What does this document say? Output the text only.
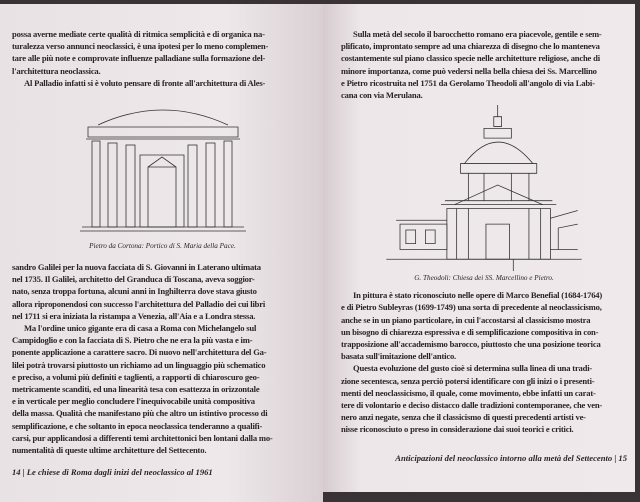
possa averne mediate certe qualità di ritmica semplicità e di organica na-

turalezza verso annunci neoclassici, è una ipotesi per lo meno complemen-

tare alle più note e comprovate influenze palladiane sulla formazione del-

l'architettura neoclassica.

Al Palladio infatti si è voluto pensare di fronte all'architettura di Ales-

Pietro da Cortona: Portico di S. Maria della Pace.

sandro Galilei per la nuova facciata di S. Giovanni in Laterano ultimata

nel 1735. Il Galilei, architetto del Granduca di Toscana, aveva soggior-

nato, senza troppa fortuna, alcuni anni in Inghilterra dove stava giusto

allora riproponendosi con successo l'architettura del Palladio dei cui libri

nel 1711 si era iniziata la ristampa a Venezia, all'Aia e a Londra stessa.

Ma l'ordine unico gigante era di casa a Roma con Michelangelo sul

Campidoglio e con la facciata di S. Pietro che ne era la più vasta e im-

ponente applicazione a carattere sacro. Di nuovo nell'architettura del Ga-

lilei potrà trovarsi piuttosto un richiamo ad un linguaggio più schematico

e preciso, a volumi più definiti e taglienti, a rapporti di chiaroscuro geo-

metricamente scanditi, ed una linearità tesa con esattezza in orizzontale

e in verticale per meglio concludere l'inequivocabile unità compositiva

della massa. Qualità che manifestano più che altro un istintivo processo di

semplificazione, e che soltanto in epoca neoclassica tenderanno a qualifi-

carsi, pur applicandosi a differenti temi architettonici ben lontani dalla mo-

numentalità di queste ultime architetture del Settecento.

14 | Le chiese di Roma dagli inizi del neoclassico al 1961

Sulla metà del secolo il barocchetto romano era piacevole, gentile e sem-

plificato, improntato sempre ad una chiarezza di disegno che lo manteneva

costantemente sul piano classico specie nelle architetture religiose, anche di

minore importanza, come può vedersi nella bella chiesa dei Ss. Marcellino

e Pietro ricostruita nel 1751 da Gerolamo Theodoli all'angolo di via Labi-

cana con via Merulana.

G. Theodoli: Chiesa dei SS. Marcellino e Pietro.

In pittura è stato riconosciuto nelle opere di Marco Benefial (1684-1764)

e di Pietro Subleyras (1699-1749) una sorta di precedente al neoclassicismo,

anche se in un piano particolare, in cui l'accostarsi al classicismo mostra

un bisogno di chiarezza espressiva e di semplificazione compositiva in con-

trapposizione all'accademismo barocco, piuttosto che una posizione teorica

basata sull'imitazione dell'antico.

Questa evoluzione del gusto cioè si determina sulla linea di una tradi-

zione secentesca, senza perciò potersi identificare con gli inizi o i presenti-

menti del neoclassicismo, il quale, come movimento, ebbe infatti un carat-

tere di volontario e deciso distacco dalle tradizioni contemporanee, che ven-

nero anzi negate, senza che il classicismo di questi precedenti artisti ve-

nisse riconosciuto o preso in considerazione dai suoi teorici e critici.

Anticipazioni del neoclassico intorno alla metà del Settecento | 15
